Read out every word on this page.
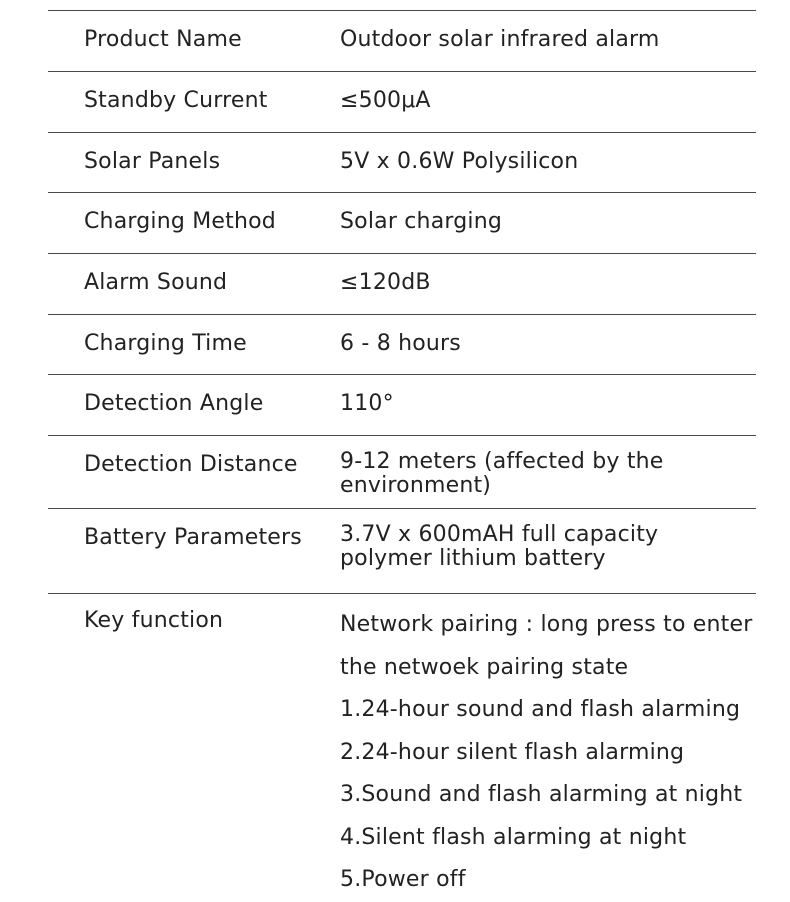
Product Name	Outdoor solar infrared alarm
Standby Current	≤500μA
Solar Panels	5V x 0.6W Polysilicon
Charging Method	Solar charging
Alarm Sound	≤120dB
Charging Time	6 - 8 hours
Detection Angle	110°
Detection Distance 9-12 meters (affected by the
environment)
Battery Parameters 3.7V x 600mAH full capacity
polymer lithium battery
Key function	Network pairing : long press to enter
the netwoek pairing state
1.24-hour sound and flash alarming
2.24-hour silent flash alarming
3.Sound and flash alarming at night
4.Silent flash alarming at night
5.Power off
